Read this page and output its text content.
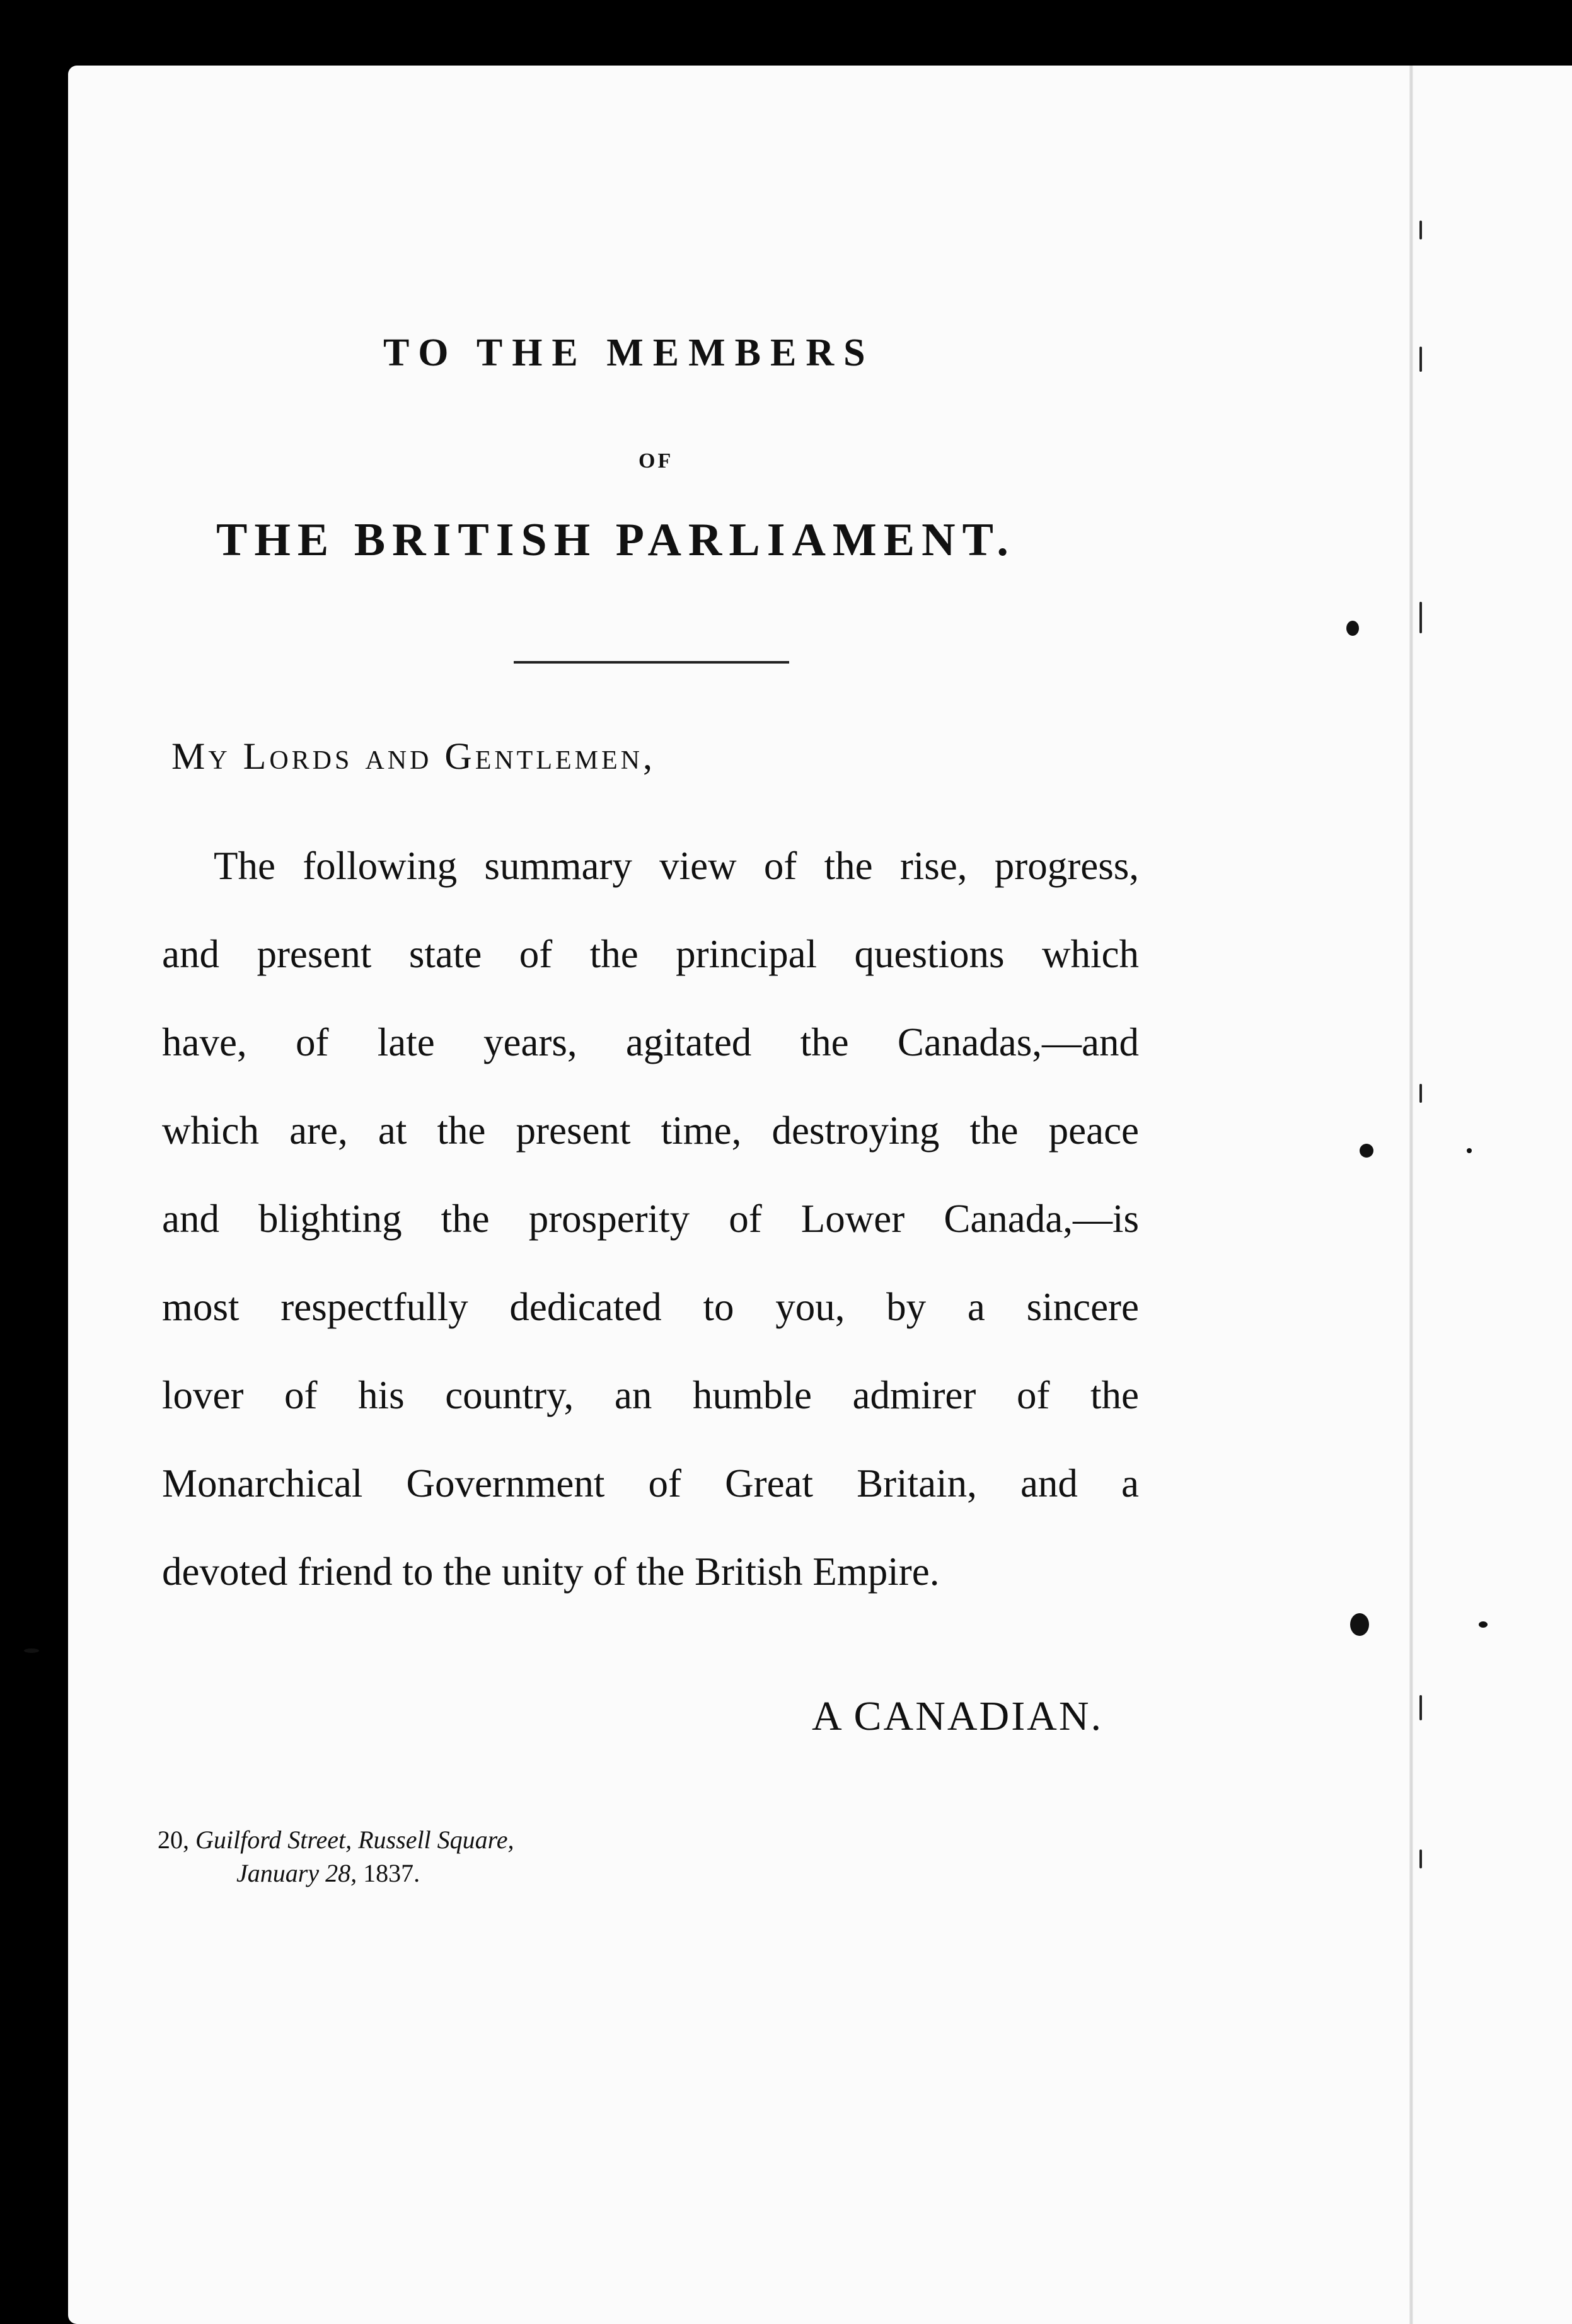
TO THE MEMBERS
OF
THE BRITISH PARLIAMENT.
My Lords and Gentlemen,
The following summary view of the rise, progress,
and present state of the principal questions which
have, of late years, agitated the Canadas,—and
which are, at the present time, destroying the peace
and blighting the prosperity of Lower Canada,—is
most respectfully dedicated to you, by a sincere
lover of his country, an humble admirer of the
Monarchical Government of Great Britain, and a
devoted friend to the unity of the British Empire.
A CANADIAN.
20, Guilford Street, Russell Square,
January 28, 1837.
